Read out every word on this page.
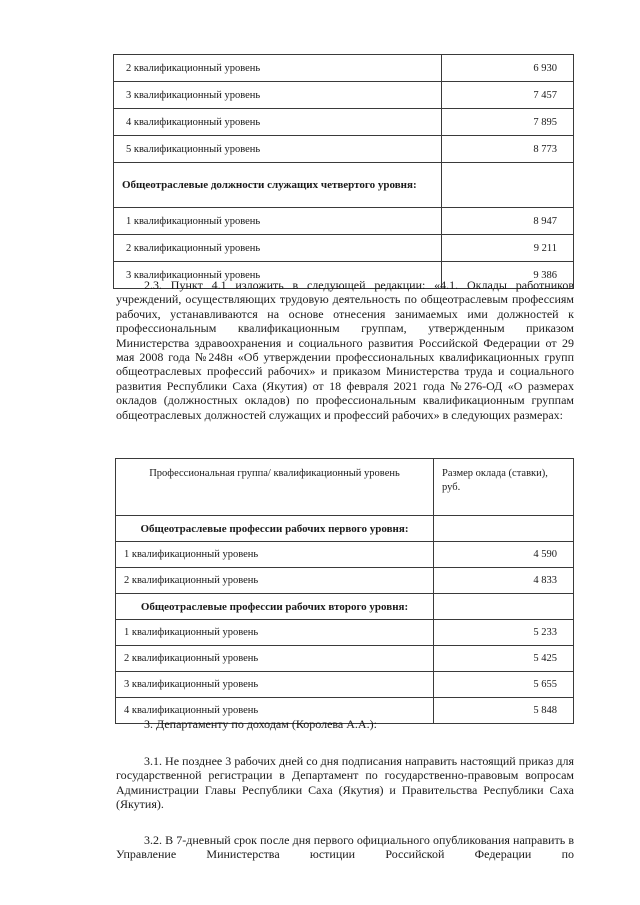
2 квалификационный уровень	6 930
3 квалификационный уровень	7 457
4 квалификационный уровень	7 895
5 квалификационный уровень	8 773
Общеотраслевые должности служащих четвертого уровня:	
1 квалификационный уровень	8 947
2 квалификационный уровень	9 211
3 квалификационный уровень	9 386
2.3. Пункт 4.1 изложить в следующей редакции: «4.1. Оклады работников учреждений, осуществляющих трудовую деятельность по общеотраслевым профессиям рабочих, устанавливаются на основе отнесения занимаемых ими должностей к профессиональным квалификационным группам, утвержденным приказом Министерства здравоохранения и социального развития Российской Федерации от 29 мая 2008 года №248н «Об утверждении профессиональных квалификационных групп общеотраслевых профессий рабочих» и приказом Министерства труда и социального развития Республики Саха (Якутия) от 18 февраля 2021 года №276-ОД «О размерах окладов (должностных окладов) по профессиональным квалификационным группам общеотраслевых должностей служащих и профессий рабочих» в следующих размерах:
Профессиональная группа/ квалификационный уровень	Размер оклада (ставки), руб.
Общеотраслевые профессии рабочих первого уровня:	
1 квалификационный уровень	4 590
2 квалификационный уровень	4 833
Общеотраслевые профессии рабочих второго уровня:	
1 квалификационный уровень	5 233
2 квалификационный уровень	5 425
3 квалификационный уровень	5 655
4 квалификационный уровень	5 848
3. Департаменту по доходам (Королева А.А.):
3.1. Не позднее 3 рабочих дней со дня подписания направить настоящий приказ для государственной регистрации в Департамент по государственно-правовым вопросам Администрации Главы Республики Саха (Якутия) и Правительства Республики Саха (Якутия).
3.2. В 7-дневный срок после дня первого официального опубликования направить в Управление Министерства юстиции Российской Федерации по
